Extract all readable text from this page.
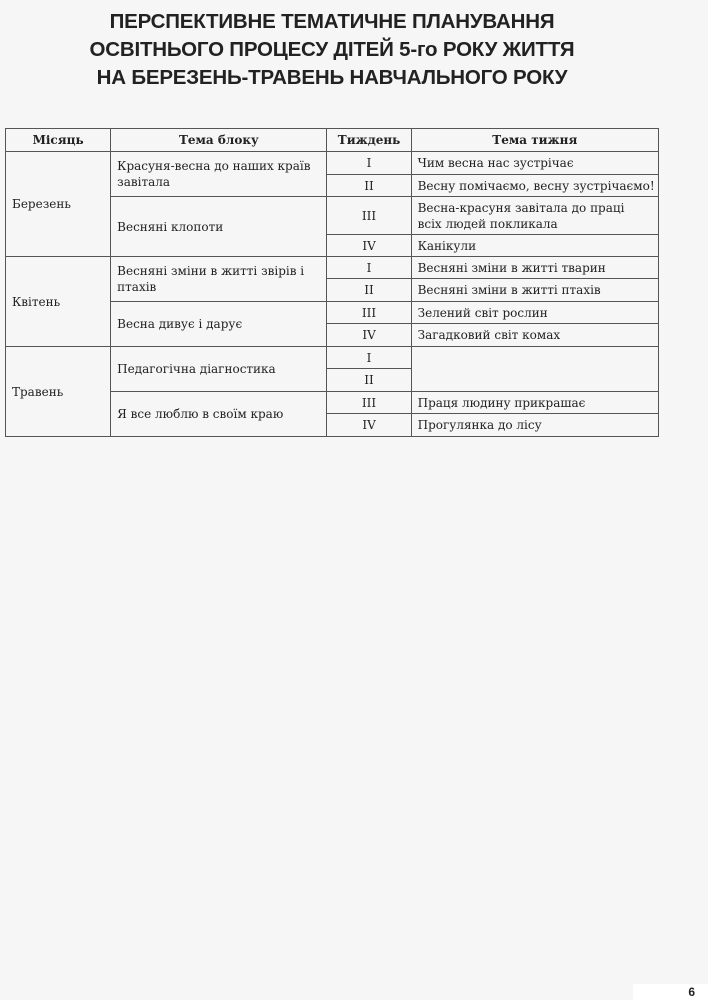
ПЕРСПЕКТИВНЕ ТЕМАТИЧНЕ ПЛАНУВАННЯ
ОСВІТНЬОГО ПРОЦЕСУ ДІТЕЙ 5-го РОКУ ЖИТТЯ
НА БЕРЕЗЕНЬ-ТРАВЕНЬ НАВЧАЛЬНОГО РОКУ
Місяць	Тема блоку	Тиждень	Тема тижня
Березень	Красуня-весна до наших країв завітала	I	Чим весна нас зустрічає
		II	Весну помічаємо, весну зустрічаємо!
	Весняні клопоти	III	Весна-красуня завітала до праці всіх людей покликала
		IV	Канікули
Квітень	Весняні зміни в житті звірів і птахів	I	Весняні зміни в житті тварин
		II	Весняні зміни в житті птахів
	Весна дивує і дарує	III	Зелений світ рослин
		IV	Загадковий світ комах
Травень	Педагогічна діагностика	I	
		II	
	Я все люблю в своїм краю	III	Праця людину прикрашає
		IV	Прогулянка до лісу
6
